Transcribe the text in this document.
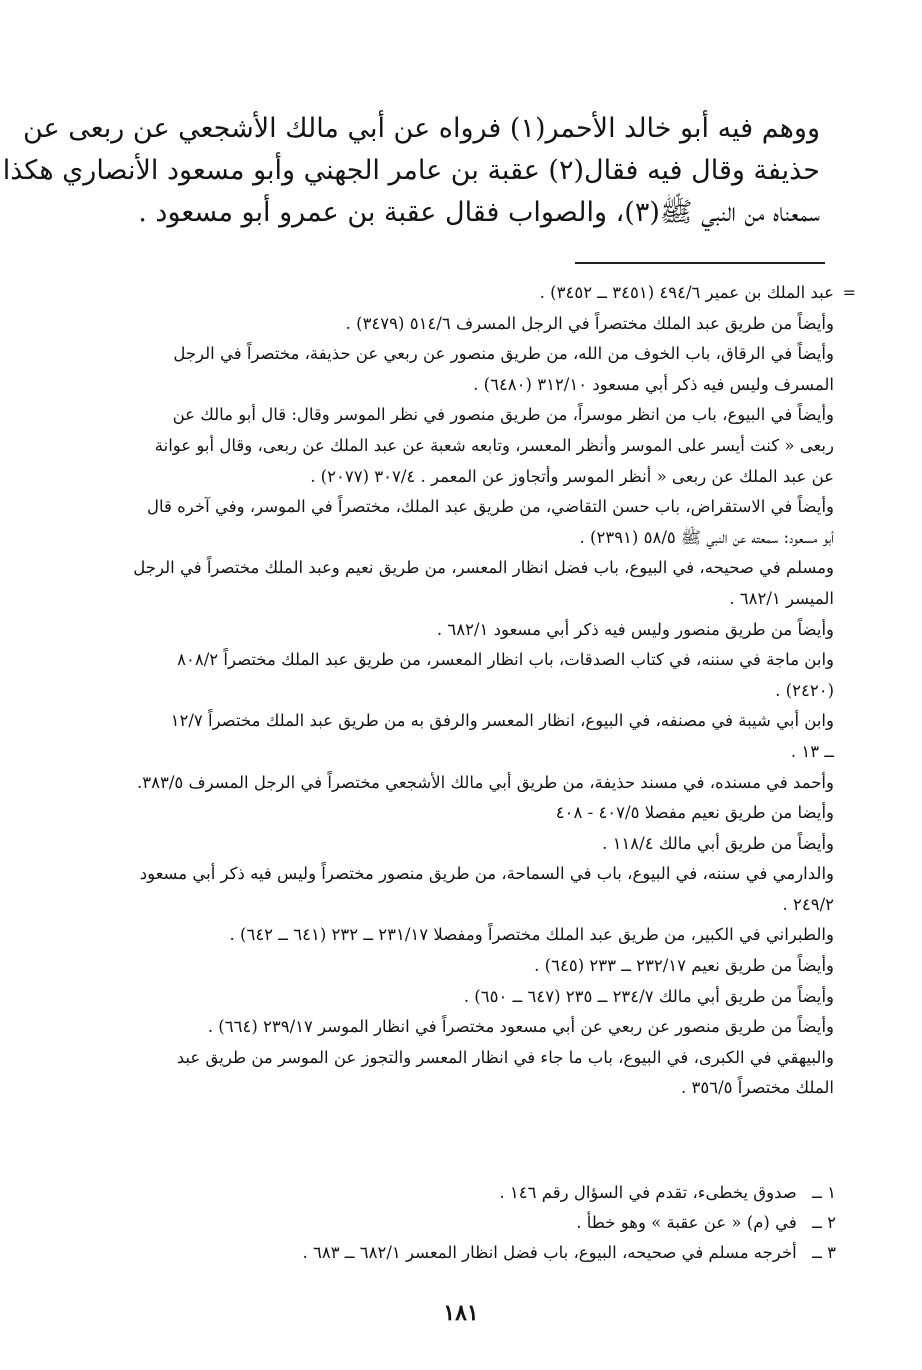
ووهم فيه أبو خالد الأحمر(١) فرواه عن أبي مالك الأشجعي عن ربعى عن
حذيفة وقال فيه فقال(٢) عقبة بن عامر الجهني وأبو مسعود الأنصاري هكذا
سمعناه من النبي ﷺ(٣)، والصواب فقال عقبة بن عمرو أبو مسعود .
=
عبد الملك بن عمير ٤٩٤/٦ (٣٤٥١ ــ ٣٤٥٢) .
وأيضاً من طريق عبد الملك مختصراً في الرجل المسرف ٥١٤/٦ (٣٤٧٩) .
وأيضاً في الرقاق، باب الخوف من الله، من طريق منصور عن ربعي عن حذيفة، مختصراً في الرجل
المسرف وليس فيه ذكر أبي مسعود ٣١٢/١٠ (٦٤٨٠) .
وأيضاً في البيوع، باب من انظر موسراً، من طريق منصور في نظر الموسر وقال: قال أبو مالك عن
ربعى « كنت أيسر على الموسر وأنظر المعسر، وتابعه شعبة عن عبد الملك عن ربعى، وقال أبو عوانة
عن عبد الملك عن ربعى « أنظر الموسر وأتجاوز عن المعمر . ٣٠٧/٤ (٢٠٧٧) .
وأيضاً في الاستقراض، باب حسن التقاضي، من طريق عبد الملك، مختصراً في الموسر، وفي آخره قال
أبو مسعود: سمعته عن النبي ﷺ ٥٨/٥ (٢٣٩١) .
ومسلم في صحيحه، في البيوع، باب فضل انظار المعسر، من طريق نعيم وعبد الملك مختصراً في الرجل
الميسر ٦٨٢/١ .
وأيضاً من طريق منصور وليس فيه ذكر أبي مسعود ٦٨٢/١ .
وابن ماجة في سننه، في كتاب الصدقات، باب انظار المعسر، من طريق عبد الملك مختصراً ٨٠٨/٢
(٢٤٢٠) .
وابن أبي شيبة في مصنفه، في البيوع، انظار المعسر والرفق به من طريق عبد الملك مختصراً ١٢/٧
ــ ١٣ .
وأحمد في مسنده، في مسند حذيفة، من طريق أبي مالك الأشجعي مختصراً في الرجل المسرف ٣٨٣/٥.
وأيضا من طريق نعيم مفصلا ٤٠٧/٥ - ٤٠٨
وأيضاً من طريق أبي مالك ١١٨/٤ .
والدارمي في سننه، في البيوع، باب في السماحة، من طريق منصور مختصراً وليس فيه ذكر أبي مسعود
٢٤٩/٢ .
والطبراني في الكبير، من طريق عبد الملك مختصراً ومفصلا ٢٣١/١٧ ــ ٢٣٢ (٦٤١ ــ ٦٤٢) .
وأيضاً من طريق نعيم ٢٣٢/١٧ ــ ٢٣٣ (٦٤٥) .
وأيضاً من طريق أبي مالك ٢٣٤/٧ ــ ٢٣٥ (٦٤٧ ــ ٦٥٠) .
وأيضاً من طريق منصور عن ربعي عن أبي مسعود مختصراً في انظار الموسر ٢٣٩/١٧ (٦٦٤) .
والبيهقي في الكبرى، في البيوع، باب ما جاء في انظار المعسر والتجوز عن الموسر من طريق عبد
الملك مختصراً ٣٥٦/٥ .
١ ــ صدوق يخطىء، تقدم في السؤال رقم ١٤٦ .
٢ ــ في (م) « عن عقبة » وهو خطأ .
٣ ــ أخرجه مسلم في صحيحه، البيوع، باب فضل انظار المعسر ٦٨٢/١ ــ ٦٨٣ .
١٨١
